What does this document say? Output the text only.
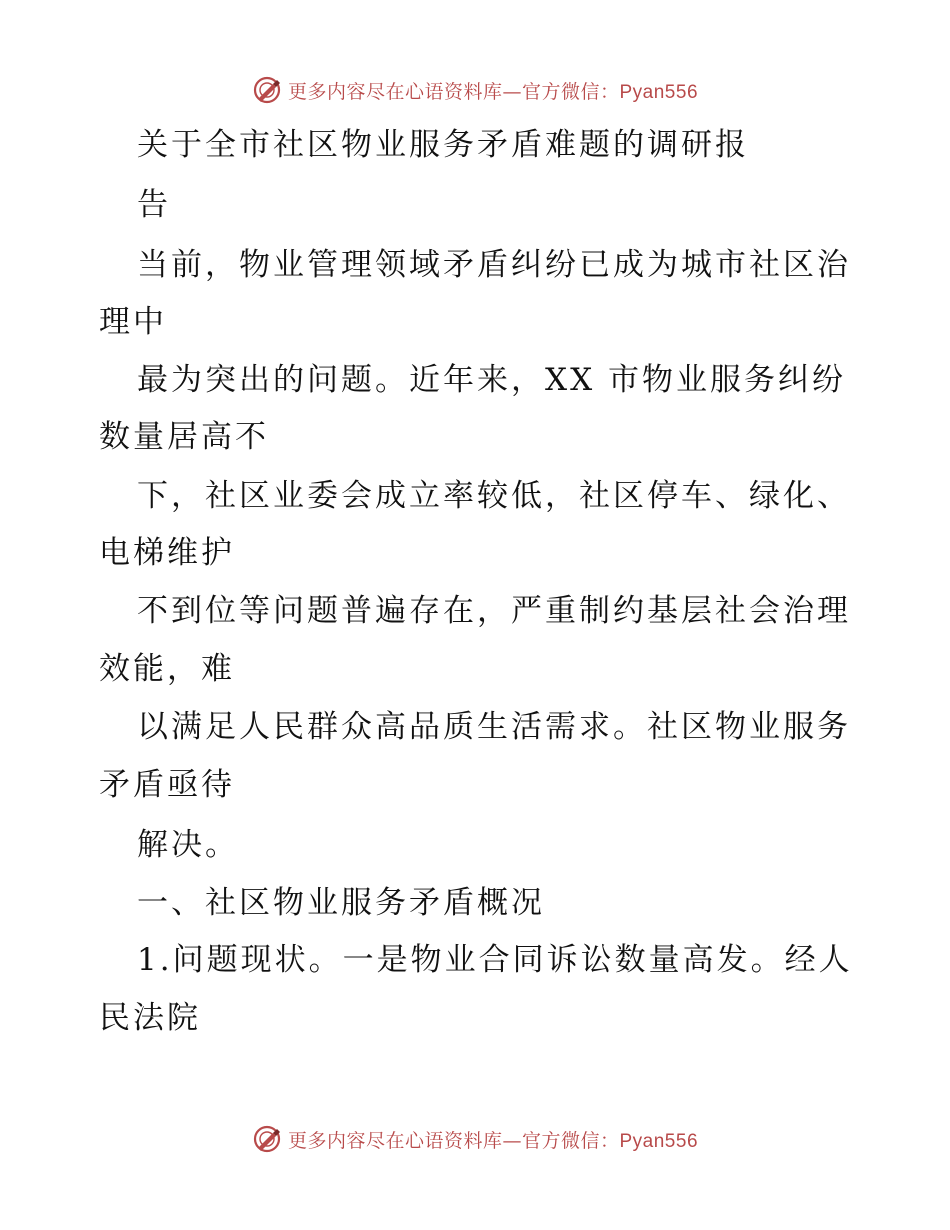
更多内容尽在心语资料库—官方微信：Pyan556
关于全市社区物业服务矛盾难题的调研报
告
当前，物业管理领域矛盾纠纷已成为城市社区治
理中
最为突出的问题。近年来，XX 市物业服务纠纷
数量居高不
下，社区业委会成立率较低，社区停车、绿化、
电梯维护
不到位等问题普遍存在，严重制约基层社会治理
效能，难
以满足人民群众高品质生活需求。社区物业服务
矛盾亟待
解决。
一、社区物业服务矛盾概况
1.问题现状。一是物业合同诉讼数量高发。经人
民法院
更多内容尽在心语资料库—官方微信：Pyan556
